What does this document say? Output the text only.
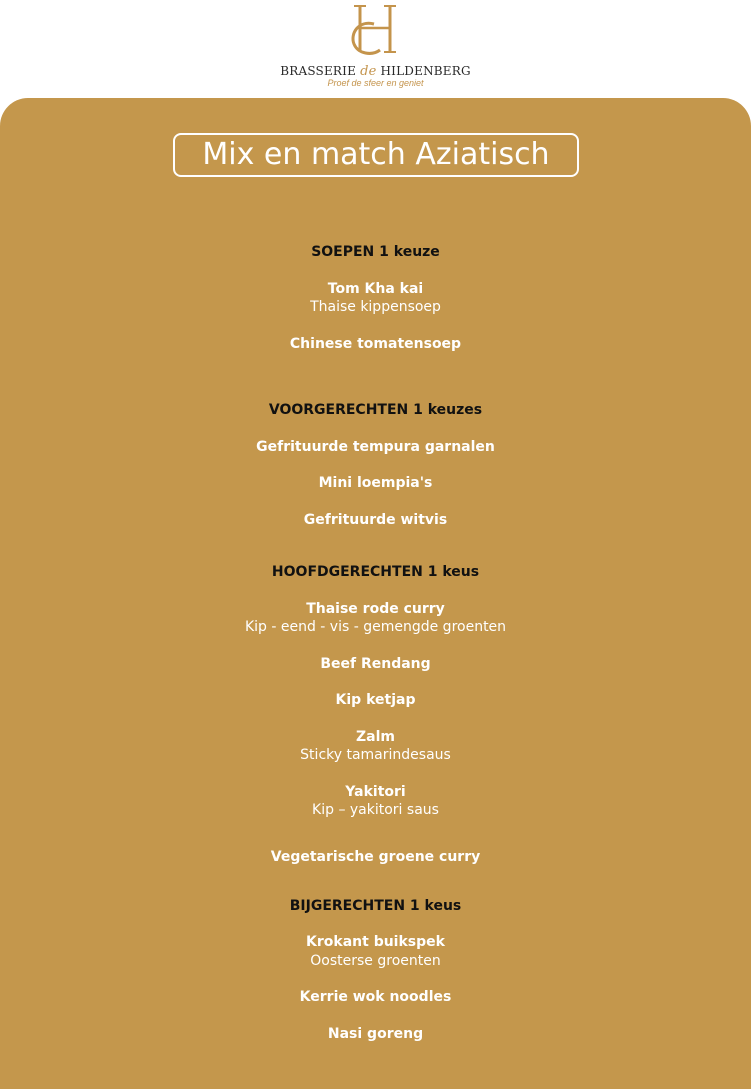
BRASSERIE de HILDENBERG
Proef de sfeer en geniet
Mix en match Aziatisch
SOEPEN 1 keuze
Tom Kha kai
Thaise kippensoep
Chinese tomatensoep
VOORGERECHTEN 1 keuzes
Gefrituurde tempura garnalen
Mini loempia's
Gefrituurde witvis
HOOFDGERECHTEN 1 keus
Thaise rode curry
Kip - eend - vis - gemengde groenten
Beef Rendang
Kip ketjap
Zalm
Sticky tamarindesaus
Yakitori
Kip – yakitori saus
Vegetarische groene curry
BIJGERECHTEN 1 keus
Krokant buikspek
Oosterse groenten
Kerrie wok noodles
Nasi goreng
